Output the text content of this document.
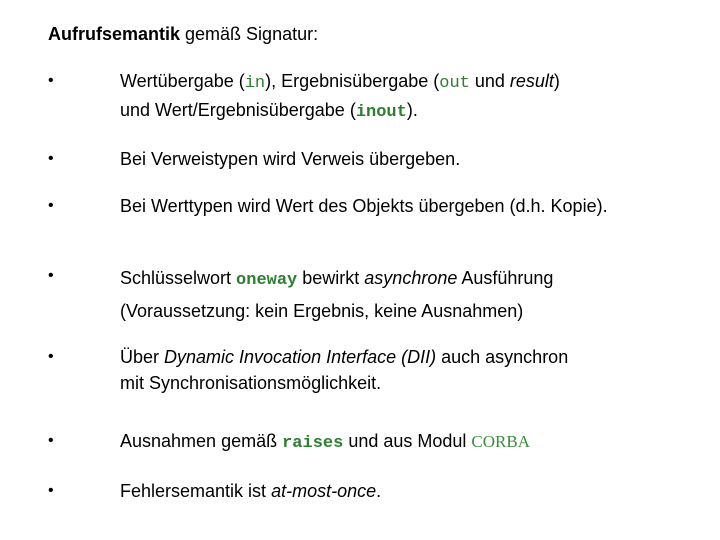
Aufrufsemantik gemäß Signatur:
•	Wertübergabe (in), Ergebnisübergabe (out und result)
und Wert/Ergebnisübergabe (inout).
•	Bei Verweistypen wird Verweis übergeben.
•	Bei Werttypen wird Wert des Objekts übergeben (d.h. Kopie).
•	Schlüsselwort oneway bewirkt asynchrone Ausführung
(Voraussetzung: kein Ergebnis, keine Ausnahmen)
•	Über Dynamic Invocation Interface (DII) auch asynchron
mit Synchronisationsmöglichkeit.
•	Ausnahmen gemäß raises und aus Modul CORBA
•	Fehlersemantik ist at-most-once.
